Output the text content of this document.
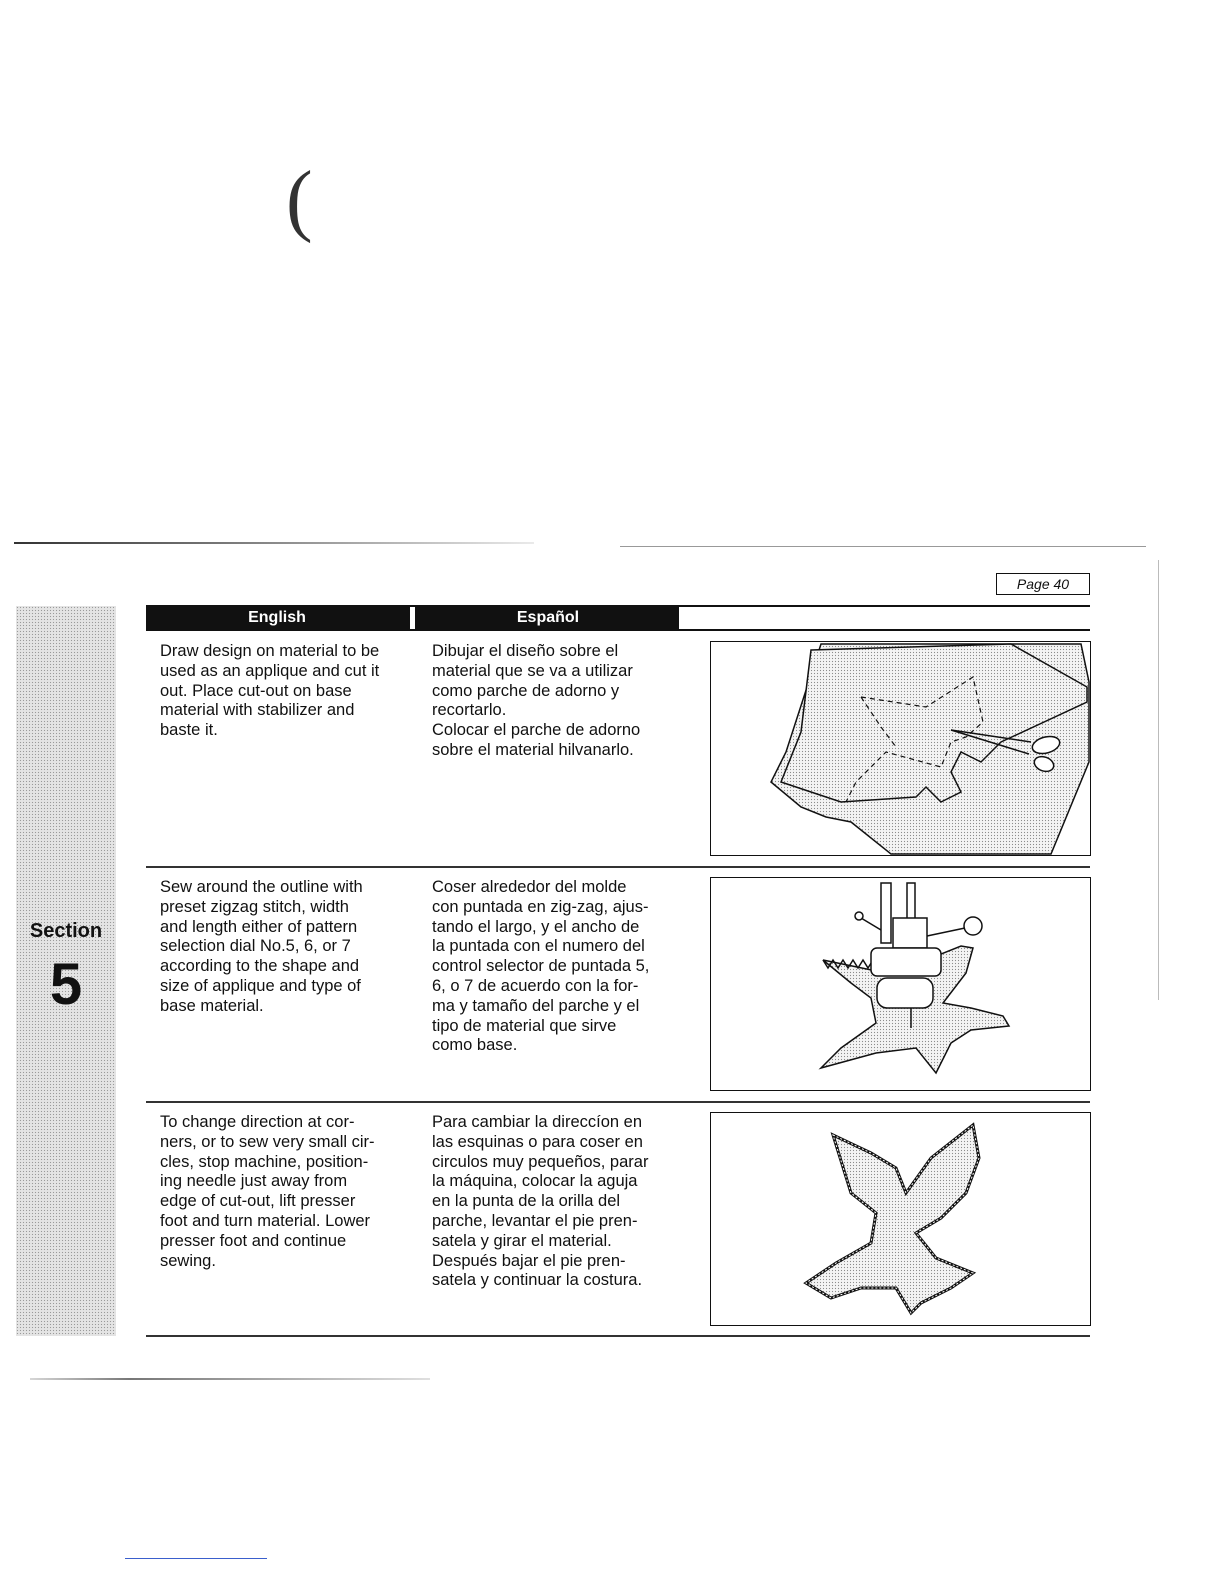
(
Page 40
Section
5
English	Español

Draw design on material to be
used as an applique and cut it
out. Place cut-out on base
material with stabilizer and
baste it.

Dibujar el diseño sobre el
material que se va a utilizar
como parche de adorno y
recortarlo.
Colocar el parche de adorno
sobre el material hilvanarlo.

Sew around the outline with
preset zigzag stitch, width
and length either of pattern
selection dial No.5, 6, or 7
according to the shape and
size of applique and type of
base material.

Coser alrededor del molde
con puntada en zig-zag, ajus-
tando el largo, y el ancho de
la puntada con el numero del
control selector de puntada 5,
6, o 7 de acuerdo con la for-
ma y tamaño del parche y el
tipo de material que sirve
como base.

To change direction at cor-
ners, or to sew very small cir-
cles, stop machine, position-
ing needle just away from
edge of cut-out, lift presser
foot and turn material. Lower
presser foot and continue
sewing.

Para cambiar la direccíon en
las esquinas o para coser en
circulos muy pequeños, parar
la máquina, colocar la aguja
en la punta de la orilla del
parche, levantar el pie pren-
satela y girar el material.
Después bajar el pie pren-
satela y continuar la costura.
